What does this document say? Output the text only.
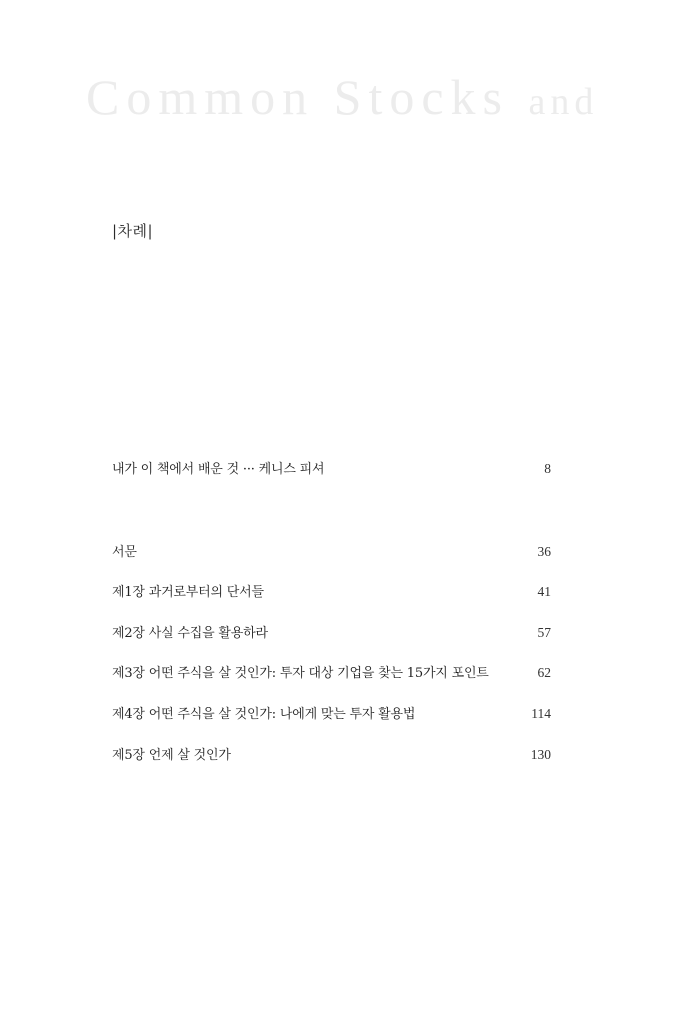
Common Stocks and
|차례|
내가 이 책에서 배운 것 ··· 케니스 피셔	8
서문	36
제1장 과거로부터의 단서들	41
제2장 사실 수집을 활용하라	57
제3장 어떤 주식을 살 것인가: 투자 대상 기업을 찾는 15가지 포인트	62
제4장 어떤 주식을 살 것인가: 나에게 맞는 투자 활용법	114
제5장 언제 살 것인가	130
